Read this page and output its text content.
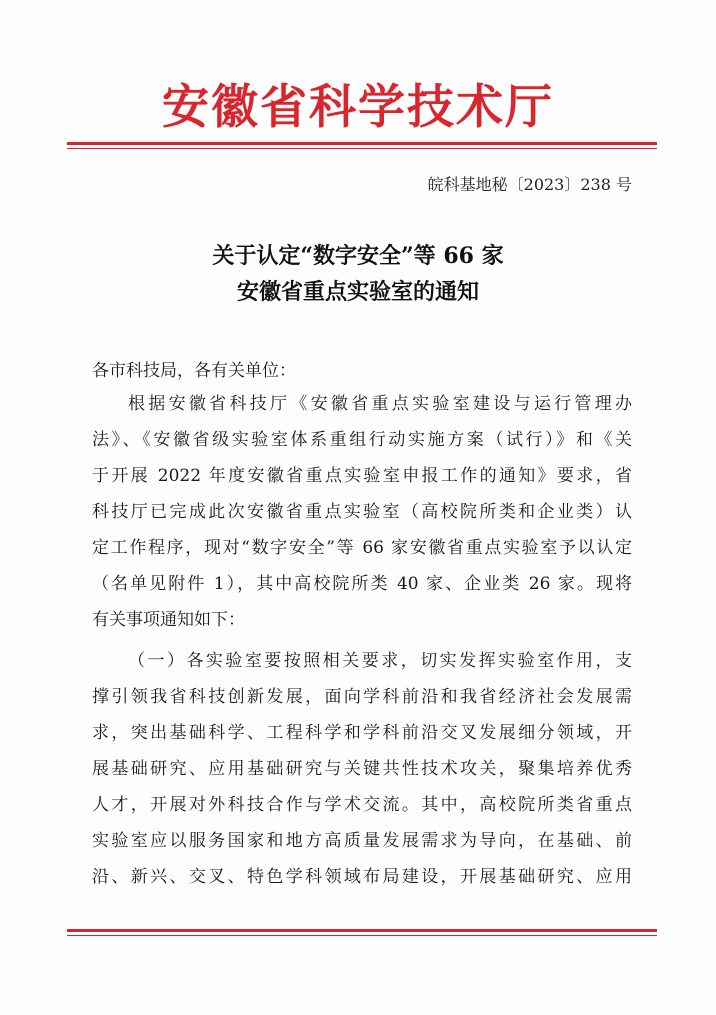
安徽省科学技术厅
皖科基地秘〔2023〕238 号
关于认定“数字安全”等 66 家
安徽省重点实验室的通知
各市科技局，各有关单位：
根据安徽省科技厅《安徽省重点实验室建设与运行管理办
法》、《安徽省级实验室体系重组行动实施方案（试行）》和《关
于开展 2022 年度安徽省重点实验室申报工作的通知》要求，省
科技厅已完成此次安徽省重点实验室（高校院所类和企业类）认
定工作程序，现对“数字安全”等 66 家安徽省重点实验室予以认定
（名单见附件 1），其中高校院所类 40 家、企业类 26 家。现将
有关事项通知如下：
（一）各实验室要按照相关要求，切实发挥实验室作用，支
撑引领我省科技创新发展，面向学科前沿和我省经济社会发展需
求，突出基础科学、工程科学和学科前沿交叉发展细分领域，开
展基础研究、应用基础研究与关键共性技术攻关，聚集培养优秀
人才，开展对外科技合作与学术交流。其中，高校院所类省重点
实验室应以服务国家和地方高质量发展需求为导向，在基础、前
沿、新兴、交叉、特色学科领域布局建设，开展基础研究、应用
